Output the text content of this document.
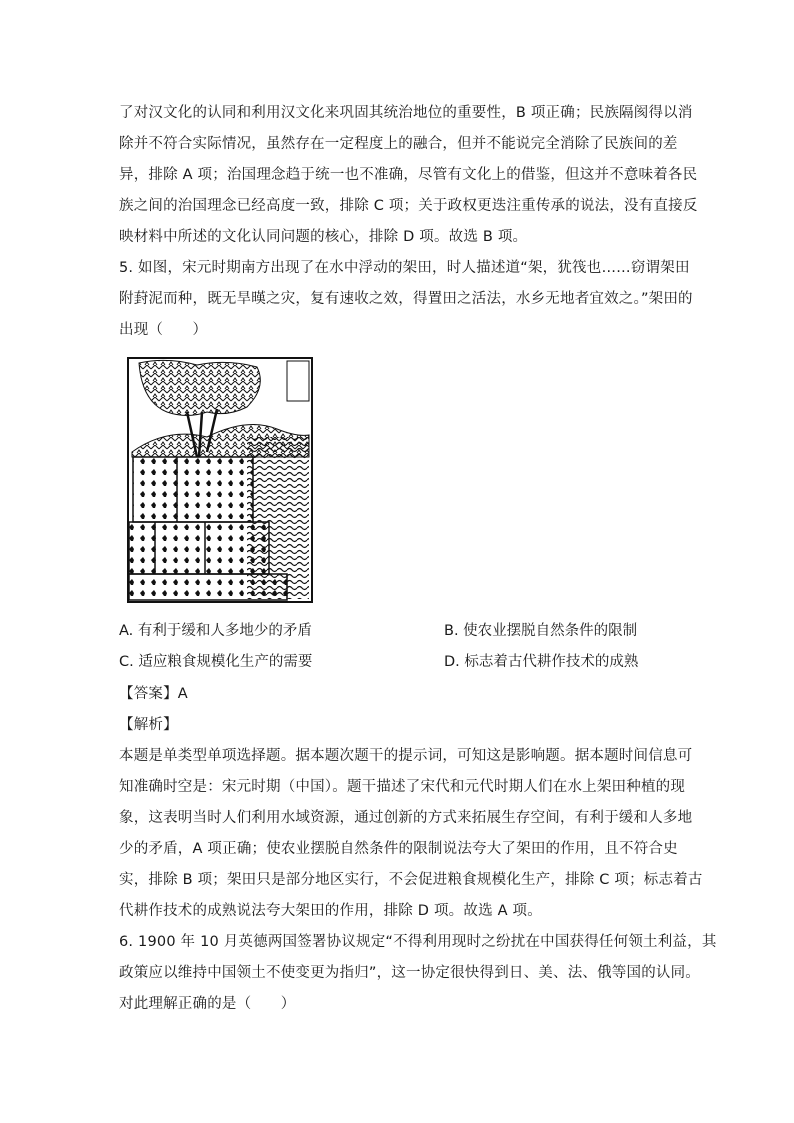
了对汉文化的认同和利用汉文化来巩固其统治地位的重要性，B 项正确；民族隔阂得以消
除并不符合实际情况，虽然存在一定程度上的融合，但并不能说完全消除了民族间的差
异，排除 A 项；治国理念趋于统一也不准确，尽管有文化上的借鉴，但这并不意味着各民
族之间的治国理念已经高度一致，排除 C 项；关于政权更迭注重传承的说法，没有直接反
映材料中所述的文化认同问题的核心，排除 D 项。故选 B 项。
5. 如图，宋元时期南方出现了在水中浮动的架田，时人描述道“架，犹筏也……窃谓架田
附葑泥而种，既无旱暵之灾，复有速收之效，得置田之活法，水乡无地者宜效之。”架田的
出现（　　）
A. 有利于缓和人多地少的矛盾	B. 使农业摆脱自然条件的限制
C. 适应粮食规模化生产的需要	D. 标志着古代耕作技术的成熟
【答案】A
【解析】
本题是单类型单项选择题。据本题次题干的提示词，可知这是影响题。据本题时间信息可
知准确时空是：宋元时期（中国）。题干描述了宋代和元代时期人们在水上架田种植的现
象，这表明当时人们利用水域资源，通过创新的方式来拓展生存空间，有利于缓和人多地
少的矛盾，A 项正确；使农业摆脱自然条件的限制说法夸大了架田的作用，且不符合史
实，排除 B 项；架田只是部分地区实行，不会促进粮食规模化生产，排除 C 项；标志着古
代耕作技术的成熟说法夸大架田的作用，排除 D 项。故选 A 项。
6. 1900 年 10 月英德两国签署协议规定“不得利用现时之纷扰在中国获得任何领土利益，其
政策应以维持中国领土不使变更为指归”，这一协定很快得到日、美、法、俄等国的认同。
对此理解正确的是（　　）
